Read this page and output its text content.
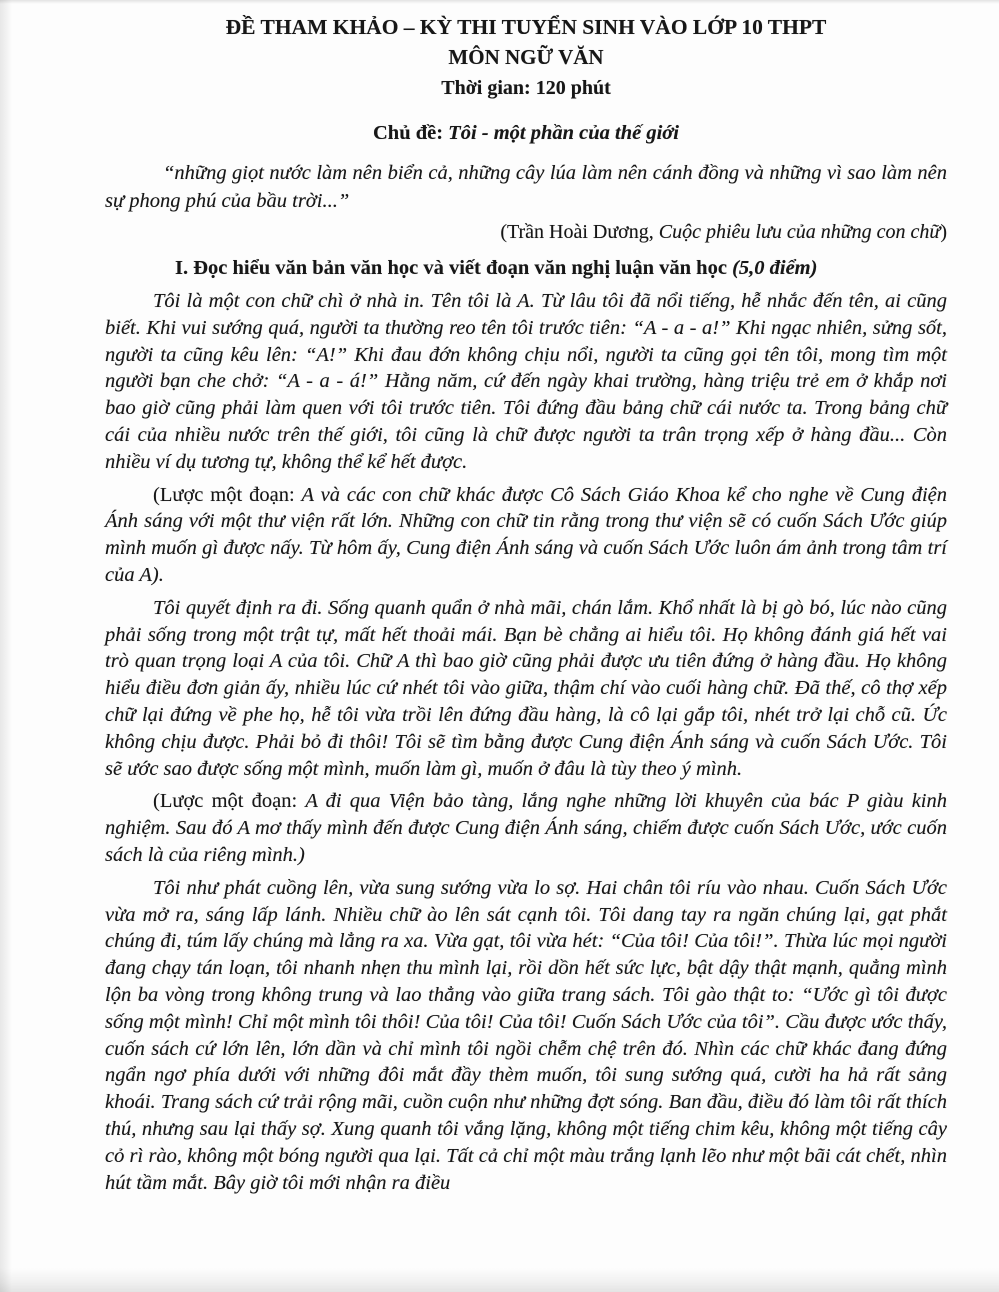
ĐỀ THAM KHẢO – KỲ THI TUYỂN SINH VÀO LỚP 10 THPT
MÔN NGỮ VĂN
Thời gian: 120 phút
Chủ đề: Tôi - một phần của thế giới
“những giọt nước làm nên biển cả, những cây lúa làm nên cánh đồng và những vì sao làm nên sự phong phú của bầu trời...”
(Trần Hoài Dương, Cuộc phiêu lưu của những con chữ)
I. Đọc hiểu văn bản văn học và viết đoạn văn nghị luận văn học (5,0 điểm)

Tôi là một con chữ chì ở nhà in. Tên tôi là A. Từ lâu tôi đã nổi tiếng, hễ nhắc đến tên, ai cũng biết. Khi vui sướng quá, người ta thường reo tên tôi trước tiên: “A - a - a!” Khi ngạc nhiên, sửng sốt, người ta cũng kêu lên: “A!” Khi đau đớn không chịu nổi, người ta cũng gọi tên tôi, mong tìm một người bạn che chở: “A - a - á!” Hằng năm, cứ đến ngày khai trường, hàng triệu trẻ em ở khắp nơi bao giờ cũng phải làm quen với tôi trước tiên. Tôi đứng đầu bảng chữ cái nước ta. Trong bảng chữ cái của nhiều nước trên thế giới, tôi cũng là chữ được người ta trân trọng xếp ở hàng đầu... Còn nhiều ví dụ tương tự, không thể kể hết được.

(Lược một đoạn: A và các con chữ khác được Cô Sách Giáo Khoa kể cho nghe về Cung điện Ánh sáng với một thư viện rất lớn. Những con chữ tin rằng trong thư viện sẽ có cuốn Sách Ước giúp mình muốn gì được nấy. Từ hôm ấy, Cung điện Ánh sáng và cuốn Sách Ước luôn ám ảnh trong tâm trí của A).

Tôi quyết định ra đi. Sống quanh quẩn ở nhà mãi, chán lắm. Khổ nhất là bị gò bó, lúc nào cũng phải sống trong một trật tự, mất hết thoải mái. Bạn bè chẳng ai hiểu tôi. Họ không đánh giá hết vai trò quan trọng loại A của tôi. Chữ A thì bao giờ cũng phải được ưu tiên đứng ở hàng đầu. Họ không hiểu điều đơn giản ấy, nhiều lúc cứ nhét tôi vào giữa, thậm chí vào cuối hàng chữ. Đã thế, cô thợ xếp chữ lại đứng về phe họ, hễ tôi vừa trồi lên đứng đầu hàng, là cô lại gắp tôi, nhét trở lại chỗ cũ. Ức không chịu được. Phải bỏ đi thôi! Tôi sẽ tìm bằng được Cung điện Ánh sáng và cuốn Sách Ước. Tôi sẽ ước sao được sống một mình, muốn làm gì, muốn ở đâu là tùy theo ý mình.

(Lược một đoạn: A đi qua Viện bảo tàng, lắng nghe những lời khuyên của bác P giàu kinh nghiệm. Sau đó A mơ thấy mình đến được Cung điện Ánh sáng, chiếm được cuốn Sách Ước, ước cuốn sách là của riêng mình.)

Tôi như phát cuồng lên, vừa sung sướng vừa lo sợ. Hai chân tôi ríu vào nhau. Cuốn Sách Ước vừa mở ra, sáng lấp lánh. Nhiều chữ ào lên sát cạnh tôi. Tôi dang tay ra ngăn chúng lại, gạt phắt chúng đi, túm lấy chúng mà lẳng ra xa. Vừa gạt, tôi vừa hét: “Của tôi! Của tôi!”. Thừa lúc mọi người đang chạy tán loạn, tôi nhanh nhẹn thu mình lại, rồi dồn hết sức lực, bật dậy thật mạnh, quẳng mình lộn ba vòng trong không trung và lao thẳng vào giữa trang sách. Tôi gào thật to: “Ước gì tôi được sống một mình! Chỉ một mình tôi thôi! Của tôi! Của tôi! Cuốn Sách Ước của tôi”. Cầu được ước thấy, cuốn sách cứ lớn lên, lớn dần và chỉ mình tôi ngồi chễm chệ trên đó. Nhìn các chữ khác đang đứng ngẩn ngơ phía dưới với những đôi mắt đầy thèm muốn, tôi sung sướng quá, cười ha hả rất sảng khoái. Trang sách cứ trải rộng mãi, cuồn cuộn như những đợt sóng. Ban đầu, điều đó làm tôi rất thích thú, nhưng sau lại thấy sợ. Xung quanh tôi vắng lặng, không một tiếng chim kêu, không một tiếng cây cỏ rì rào, không một bóng người qua lại. Tất cả chỉ một màu trắng lạnh lẽo như một bãi cát chết, nhìn hút tầm mắt. Bây giờ tôi mới nhận ra điều
